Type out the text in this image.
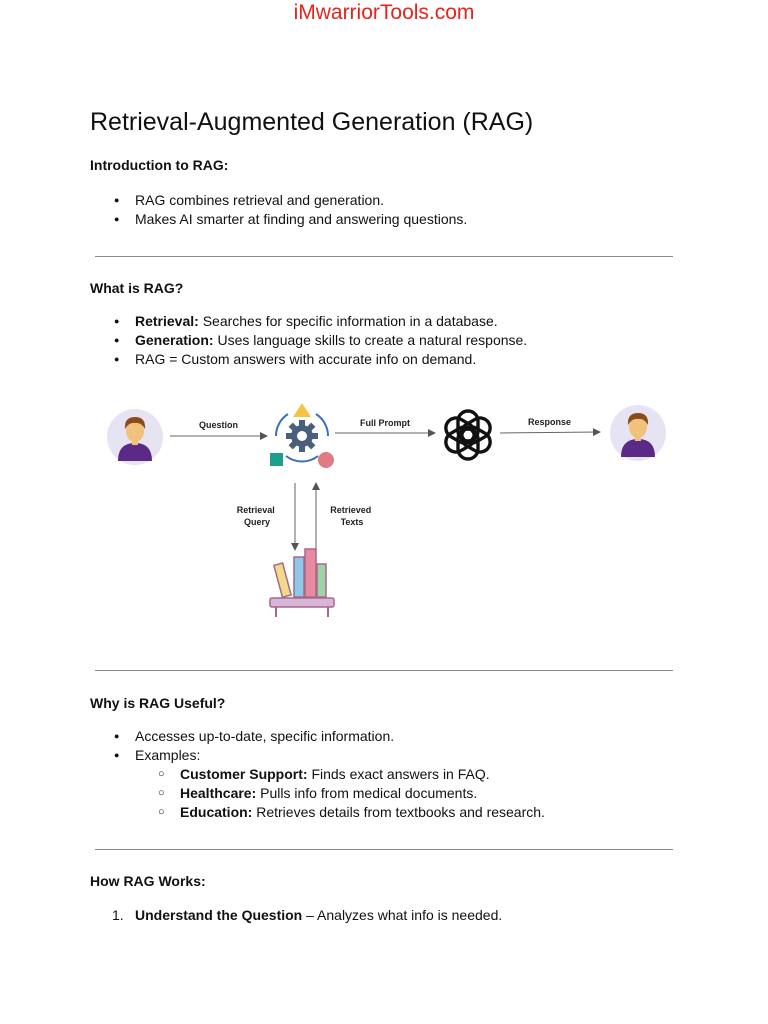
iMwarriorTools.com
Retrieval-Augmented Generation (RAG)
Introduction to RAG:
● RAG combines retrieval and generation.
● Makes AI smarter at finding and answering questions.
What is RAG?
● Retrieval: Searches for specific information in a database.
● Generation: Uses language skills to create a natural response.
● RAG = Custom answers with accurate info on demand.
Question	Full Prompt	Response
Retrieval Query
Retrieved Texts
Why is RAG Useful?
● Accesses up-to-date, specific information.
● Examples:
○ Customer Support: Finds exact answers in FAQ.
○ Healthcare: Pulls info from medical documents.
○ Education: Retrieves details from textbooks and research.
How RAG Works:
1. Understand the Question – Analyzes what info is needed.
